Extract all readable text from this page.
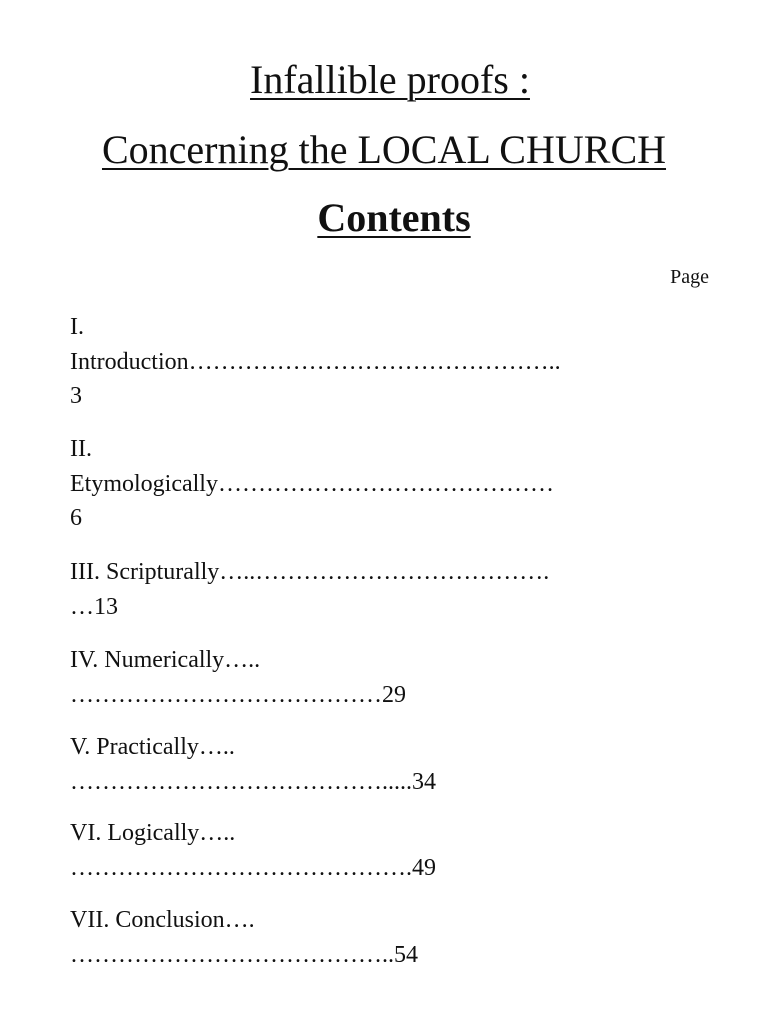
Infallible proofs :
Concerning the LOCAL CHURCH
Contents
Page
I.
Introduction………………………………………..
3
II.
Etymologically……………………………………
6
III. Scripturally…..……………………………….
…13
IV. Numerically…..
…………………………………29
V. Practically…..
………………………………….....34
VI. Logically…..
…………………………………….49
VII. Conclusion….
…………………………………..54
